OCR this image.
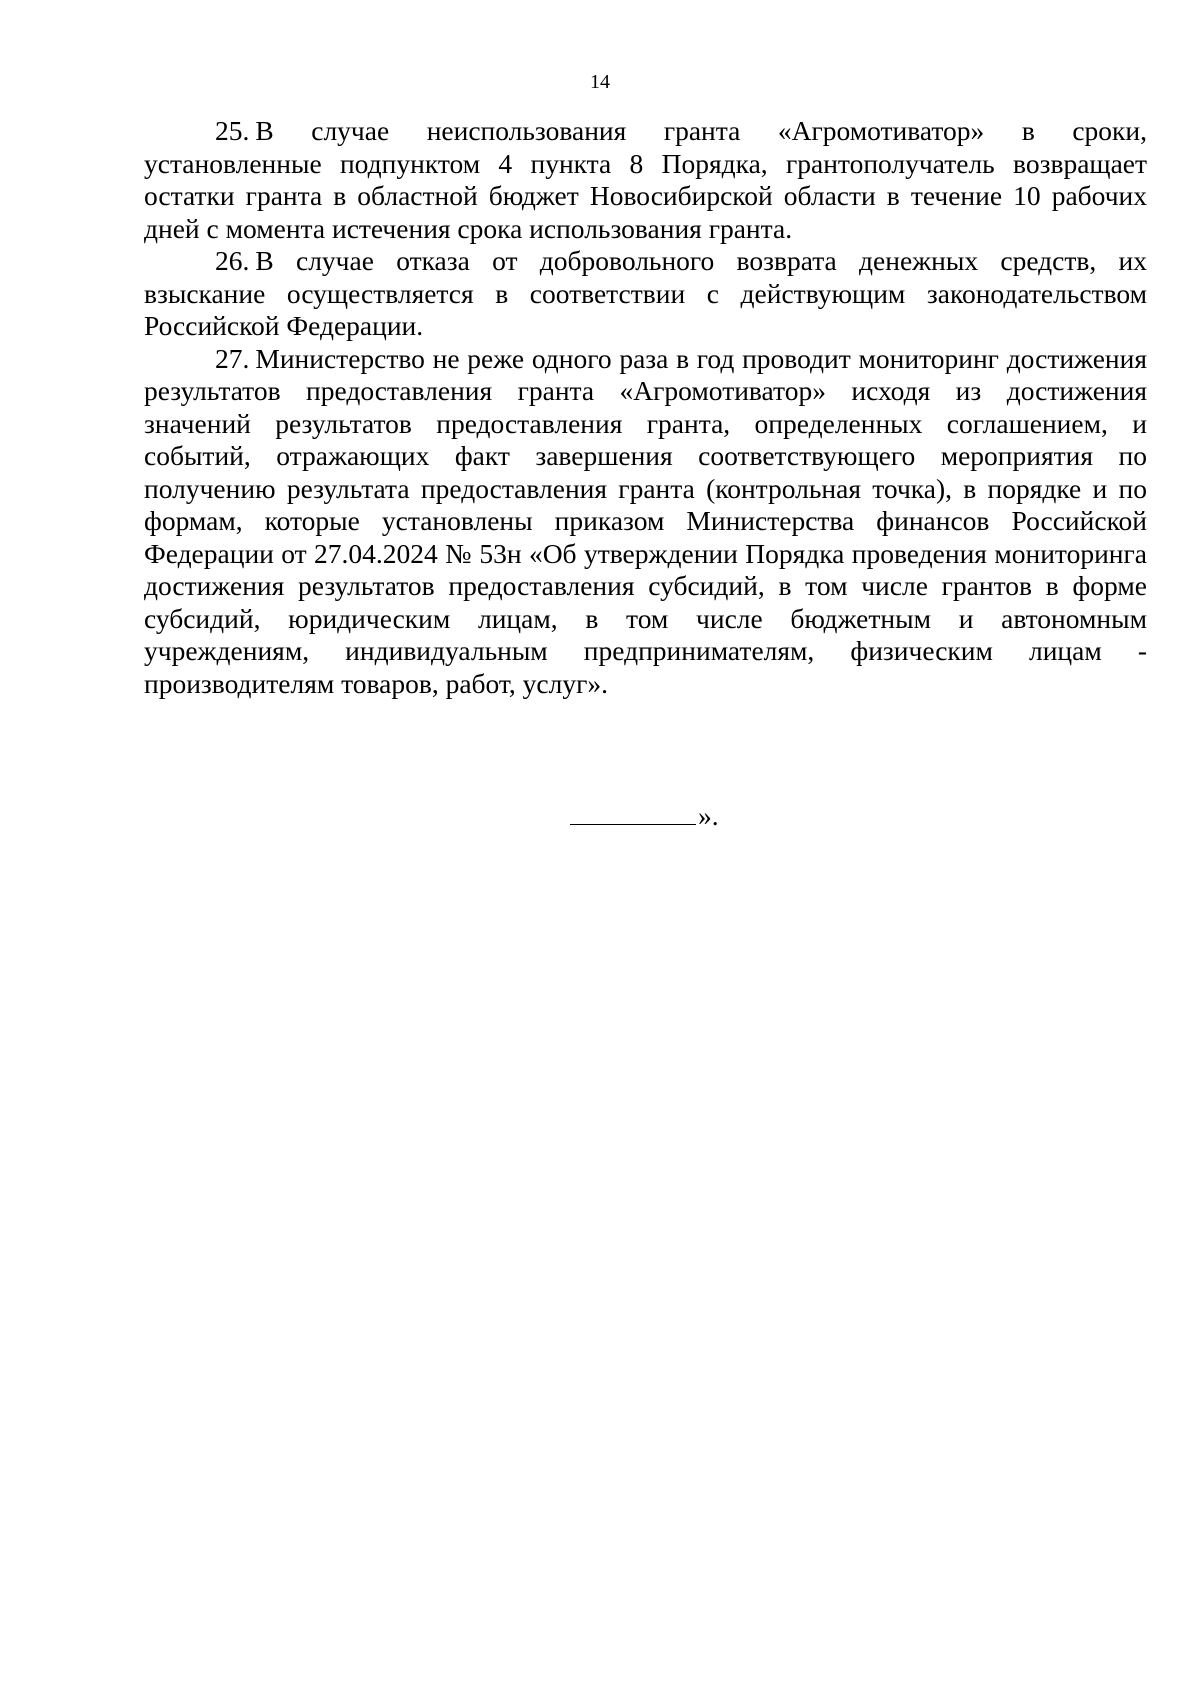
14

25. В случае неиспользования гранта «Агромотиватор» в сроки, установленные подпунктом 4 пункта 8 Порядка, грантополучатель возвращает остатки гранта в областной бюджет Новосибирской области в течение 10 рабочих дней с момента истечения срока использования гранта.

26. В случае отказа от добровольного возврата денежных средств, их взыскание осуществляется в соответствии с действующим законодательством Российской Федерации.

27. Министерство не реже одного раза в год проводит мониторинг достижения результатов предоставления гранта «Агромотиватор» исходя из достижения значений результатов предоставления гранта, определенных соглашением, и событий, отражающих факт завершения соответствующего мероприятия по получению результата предоставления гранта (контрольная точка), в порядке и по формам, которые установлены приказом Министерства финансов Российской Федерации от 27.04.2024 № 53н «Об утверждении Порядка проведения мониторинга достижения результатов предоставления субсидий, в том числе грантов в форме субсидий, юридическим лицам, в том числе бюджетным и автономным учреждениям, индивидуальным предпринимателям, физическим лицам - производителям товаров, работ, услуг».

».
